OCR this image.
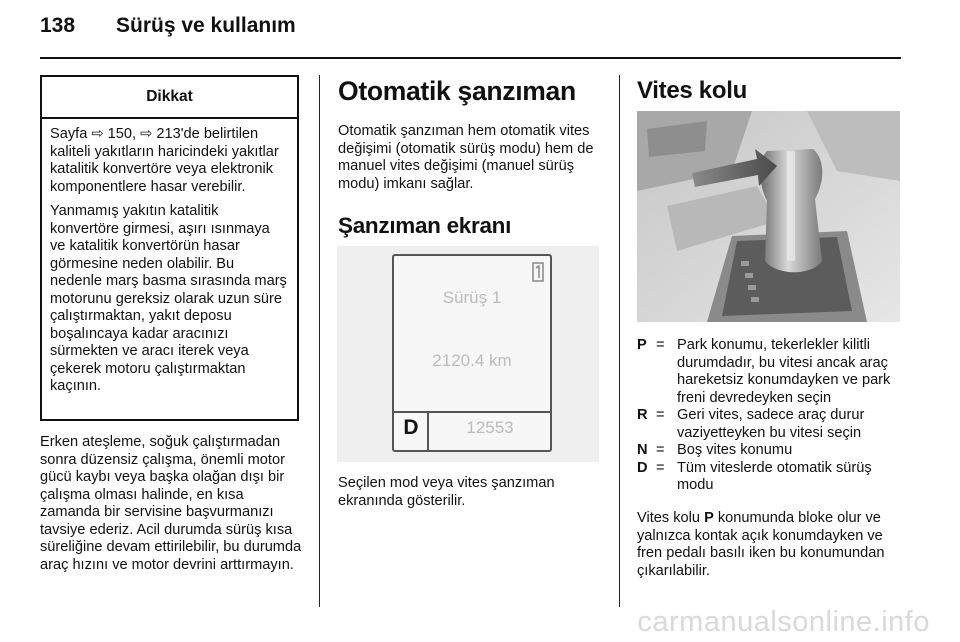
138 Sürüş ve kullanım
Dikkat

Sayfa ⇨ 150, ⇨ 213'de belirtilen kaliteli yakıtların haricindeki yakıtlar katalitik konvertöre veya elektronik komponentlere hasar verebilir.

Yanmamış yakıtın katalitik konvertöre girmesi, aşırı ısınmaya ve katalitik konvertörün hasar görmesine neden olabilir. Bu nedenle marş basma sırasında marş motorunu gereksiz olarak uzun süre çalıştırmaktan, yakıt deposu boşalıncaya kadar aracınızı sürmekten ve aracı iterek veya çekerek motoru çalıştırmaktan kaçının.

Erken ateşleme, soğuk çalıştırmadan sonra düzensiz çalışma, önemli motor gücü kaybı veya başka olağan dışı bir çalışma olması halinde, en kısa zamanda bir servisine başvurmanızı tavsiye ederiz. Acil durumda sürüş kısa süreliğine devam ettirilebilir, bu durumda araç hızını ve motor devrini arttırmayın.

Otomatik şanzıman

Otomatik şanzıman hem otomatik vites değişimi (otomatik sürüş modu) hem de manuel vites değişimi (manuel sürüş modu) imkanı sağlar.

Şanzıman ekranı
Sürüş 1
2120.4 km
D	12553

Seçilen mod veya vites şanzıman ekranında gösterilir.

Vites kolu
P = Park konumu, tekerlekler kilitli durumdadır, bu vitesi ancak araç hareketsiz konumdayken ve park freni devredeyken seçin
R = Geri vites, sadece araç durur vaziyetteyken bu vitesi seçin
N = Boş vites konumu
D = Tüm viteslerde otomatik sürüş modu

Vites kolu P konumunda bloke olur ve yalnızca kontak açık konumdayken ve fren pedalı basılı iken bu konumundan çıkarılabilir.

carmanualsonline.info
